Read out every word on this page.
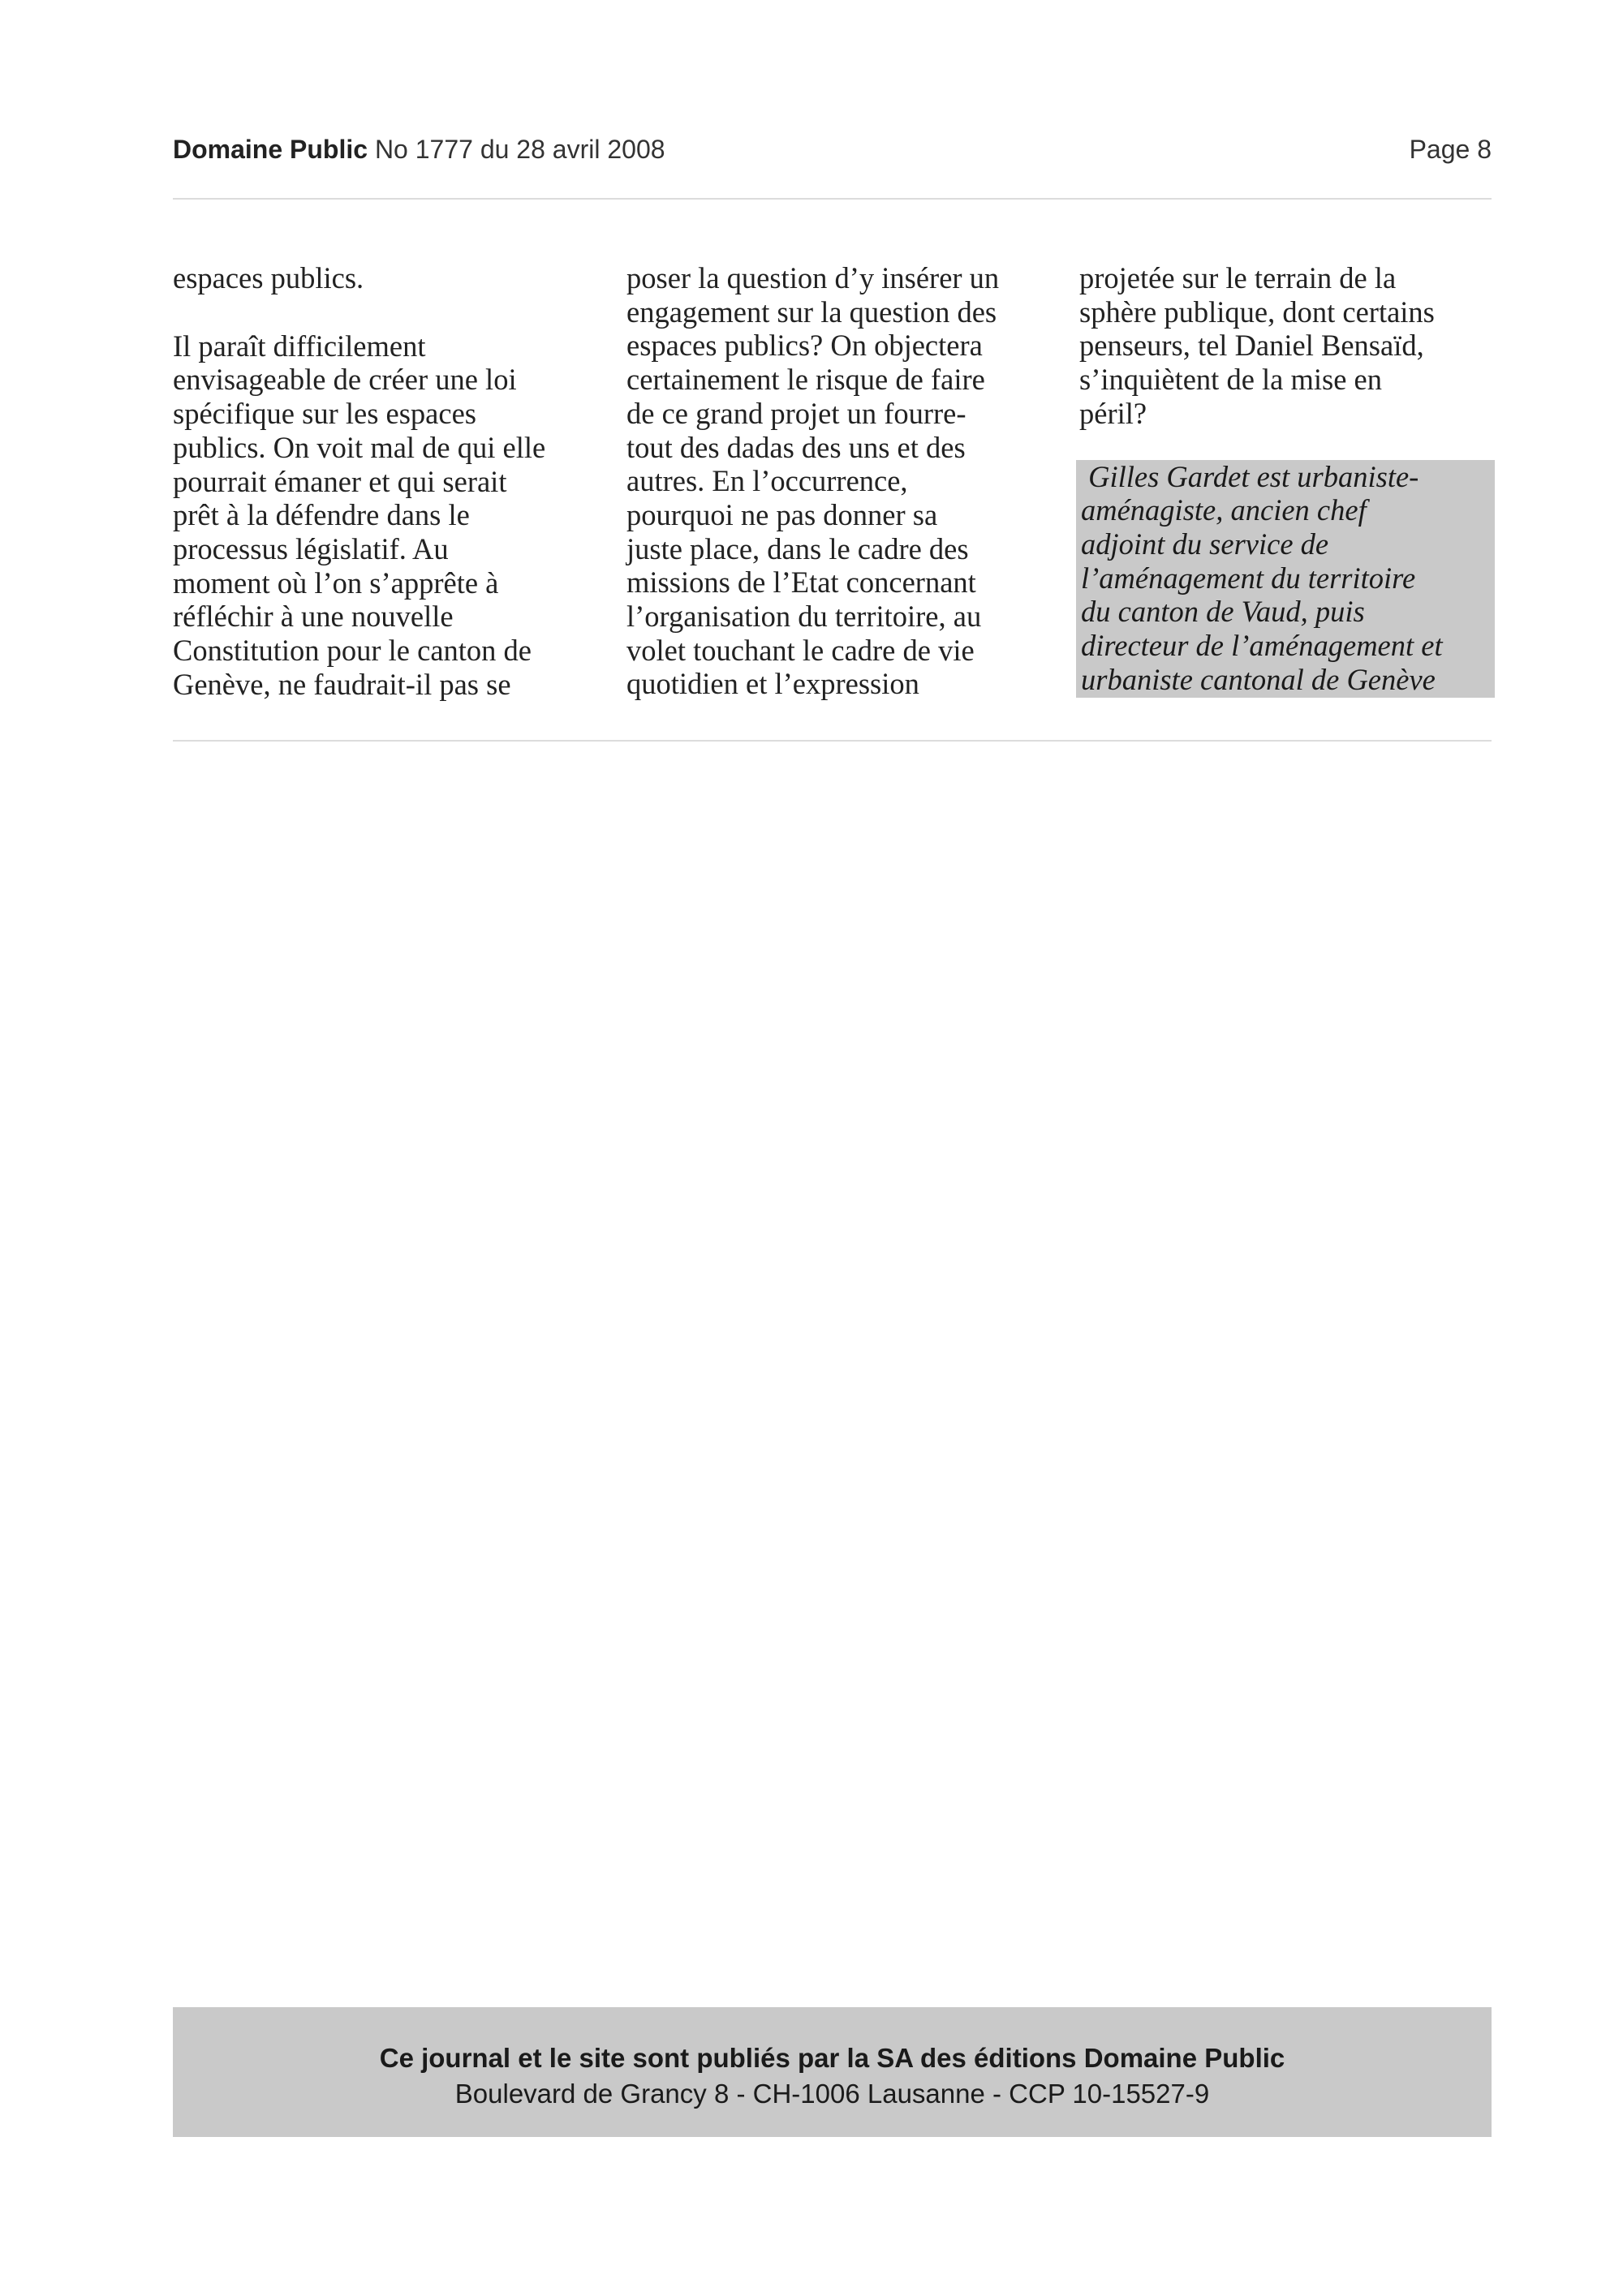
Domaine Public No 1777 du 28 avril 2008	Page 8

espaces publics.

Il paraît difficilement
envisageable de créer une loi
spécifique sur les espaces
publics. On voit mal de qui elle
pourrait émaner et qui serait
prêt à la défendre dans le
processus législatif. Au
moment où l’on s’apprête à
réfléchir à une nouvelle
Constitution pour le canton de
Genève, ne faudrait-il pas se

poser la question d’y insérer un
engagement sur la question des
espaces publics? On objectera
certainement le risque de faire
de ce grand projet un fourre-
tout des dadas des uns et des
autres. En l’occurrence,
pourquoi ne pas donner sa
juste place, dans le cadre des
missions de l’Etat concernant
l’organisation du territoire, au
volet touchant le cadre de vie
quotidien et l’expression

projetée sur le terrain de la
sphère publique, dont certains
penseurs, tel Daniel Bensaïd,
s’inquiètent de la mise en
péril?

Gilles Gardet est urbaniste-
aménagiste, ancien chef
adjoint du service de
l’aménagement du territoire
du canton de Vaud, puis
directeur de l’aménagement et
urbaniste cantonal de Genève
Ce journal et le site sont publiés par la SA des éditions Domaine Public
Boulevard de Grancy 8 - CH-1006 Lausanne - CCP 10-15527-9
